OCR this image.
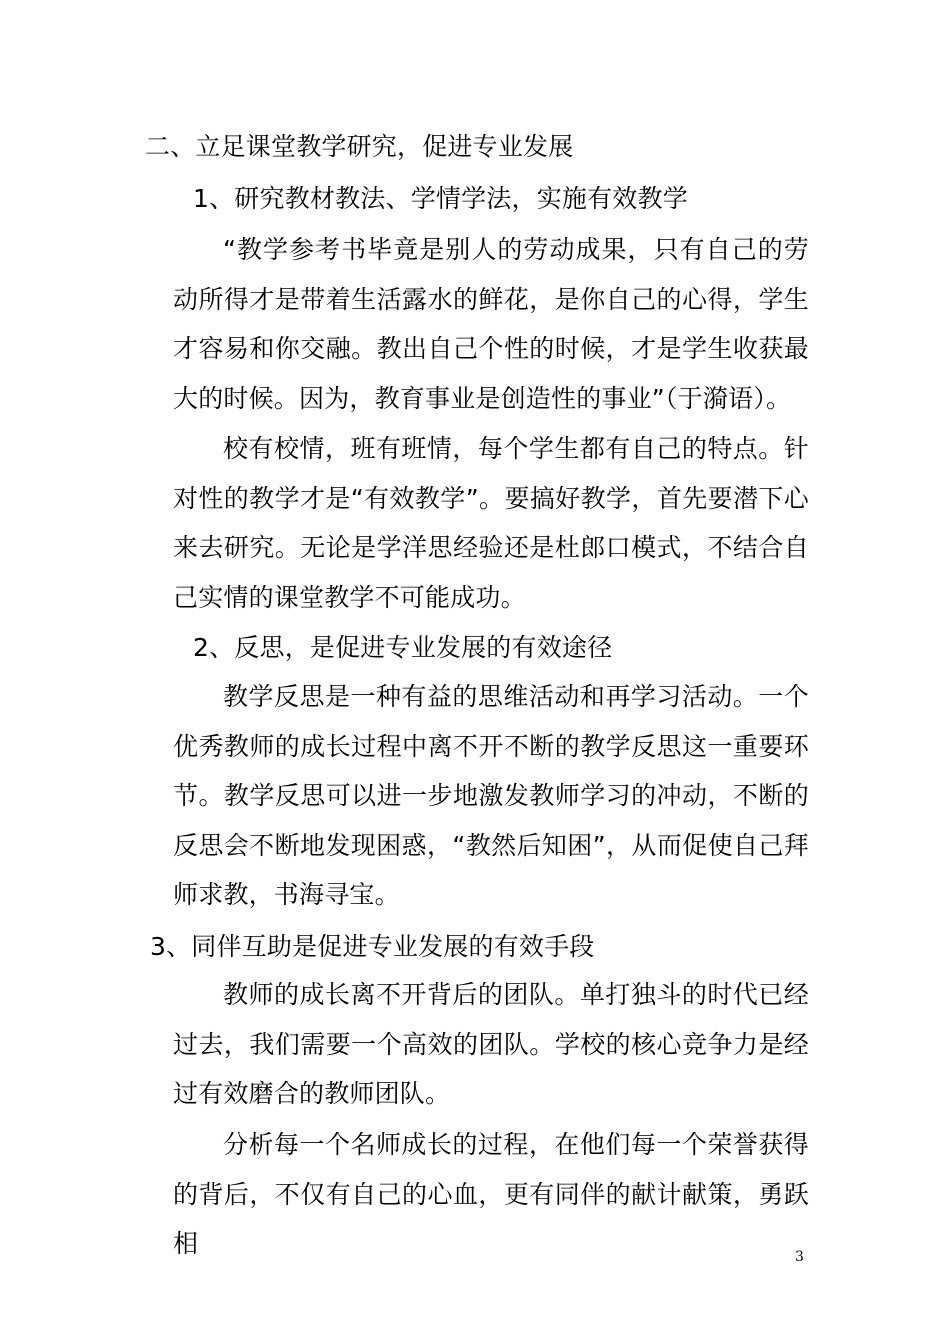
二、立足课堂教学研究，促进专业发展
1、研究教材教法、学情学法，实施有效教学
“教学参考书毕竟是别人的劳动成果，只有自己的劳动所得才是带着生活露水的鲜花，是你自己的心得，学生才容易和你交融。教出自己个性的时候，才是学生收获最大的时候。因为，教育事业是创造性的事业”（于漪语）。
校有校情，班有班情，每个学生都有自己的特点。针对性的教学才是“有效教学”。要搞好教学，首先要潜下心来去研究。无论是学洋思经验还是杜郎口模式，不结合自己实情的课堂教学不可能成功。
2、反思，是促进专业发展的有效途径
教学反思是一种有益的思维活动和再学习活动。一个优秀教师的成长过程中离不开不断的教学反思这一重要环节。教学反思可以进一步地激发教师学习的冲动，不断的反思会不断地发现困惑，“教然后知困”，从而促使自己拜师求教，书海寻宝。
3、同伴互助是促进专业发展的有效手段
教师的成长离不开背后的团队。单打独斗的时代已经过去，我们需要一个高效的团队。学校的核心竞争力是经过有效磨合的教师团队。
分析每一个名师成长的过程，在他们每一个荣誉获得的背后，不仅有自己的心血，更有同伴的献计献策，勇跃相	3
